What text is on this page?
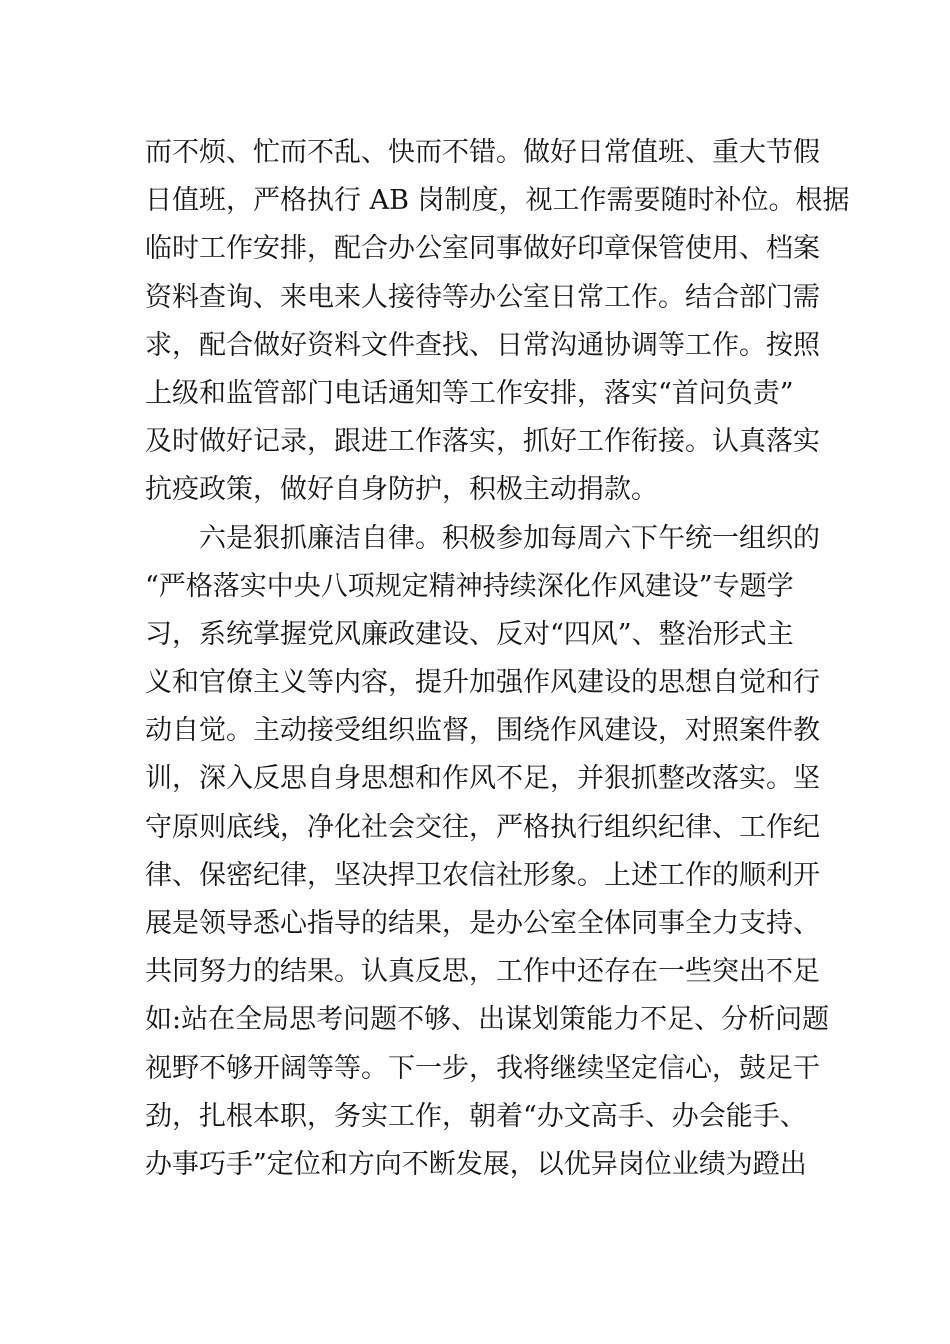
而不烦、忙而不乱、快而不错。做好日常值班、重大节假
日值班，严格执行 AB 岗制度，视工作需要随时补位。根据
临时工作安排，配合办公室同事做好印章保管使用、档案
资料查询、来电来人接待等办公室日常工作。结合部门需
求，配合做好资料文件查找、日常沟通协调等工作。按照
上级和监管部门电话通知等工作安排，落实“首问负责”
及时做好记录，跟进工作落实，抓好工作衔接。认真落实
抗疫政策，做好自身防护，积极主动捐款。
六是狠抓廉洁自律。积极参加每周六下午统一组织的
“严格落实中央八项规定精神持续深化作风建设”专题学
习，系统掌握党风廉政建设、反对“四风”、整治形式主
义和官僚主义等内容，提升加强作风建设的思想自觉和行
动自觉。主动接受组织监督，围绕作风建设，对照案件教
训，深入反思自身思想和作风不足，并狠抓整改落实。坚
守原则底线，净化社会交往，严格执行组织纪律、工作纪
律、保密纪律，坚决捍卫农信社形象。上述工作的顺利开
展是领导悉心指导的结果，是办公室全体同事全力支持、
共同努力的结果。认真反思，工作中还存在一些突出不足
如:站在全局思考问题不够、出谋划策能力不足、分析问题
视野不够开阔等等。下一步，我将继续坚定信心，鼓足干
劲，扎根本职，务实工作，朝着“办文高手、办会能手、
办事巧手”定位和方向不断发展，以优异岗位业绩为蹬出
